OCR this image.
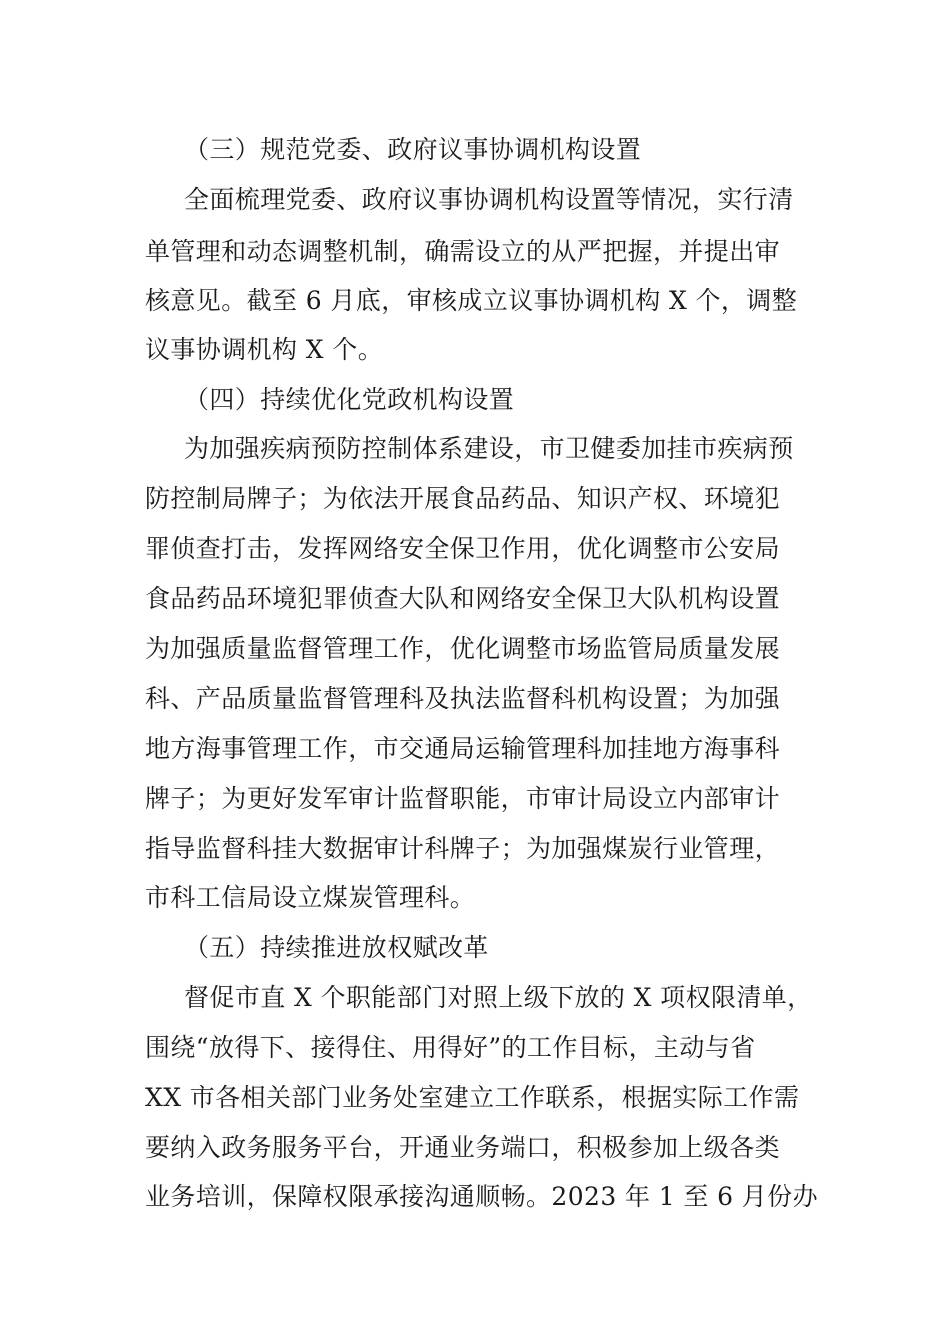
（三）规范党委、政府议事协调机构设置
全面梳理党委、政府议事协调机构设置等情况，实行清
单管理和动态调整机制，确需设立的从严把握，并提出审
核意见。截至 6 月底，审核成立议事协调机构 X 个，调整
议事协调机构 X 个。
（四）持续优化党政机构设置
为加强疾病预防控制体系建设，市卫健委加挂市疾病预
防控制局牌子；为依法开展食品药品、知识产权、环境犯
罪侦查打击，发挥网络安全保卫作用，优化调整市公安局
食品药品环境犯罪侦查大队和网络安全保卫大队机构设置
为加强质量监督管理工作，优化调整市场监管局质量发展
科、产品质量监督管理科及执法监督科机构设置；为加强
地方海事管理工作，市交通局运输管理科加挂地方海事科
牌子；为更好发军审计监督职能，市审计局设立内部审计
指导监督科挂大数据审计科牌子；为加强煤炭行业管理，
市科工信局设立煤炭管理科。
（五）持续推进放权赋改革
督促市直 X 个职能部门对照上级下放的 X 项权限清单，
围绕“放得下、接得住、用得好”的工作目标，主动与省
XX 市各相关部门业务处室建立工作联系，根据实际工作需
要纳入政务服务平台，开通业务端口，积极参加上级各类
业务培训，保障权限承接沟通顺畅。2023 年 1 至 6 月份办
